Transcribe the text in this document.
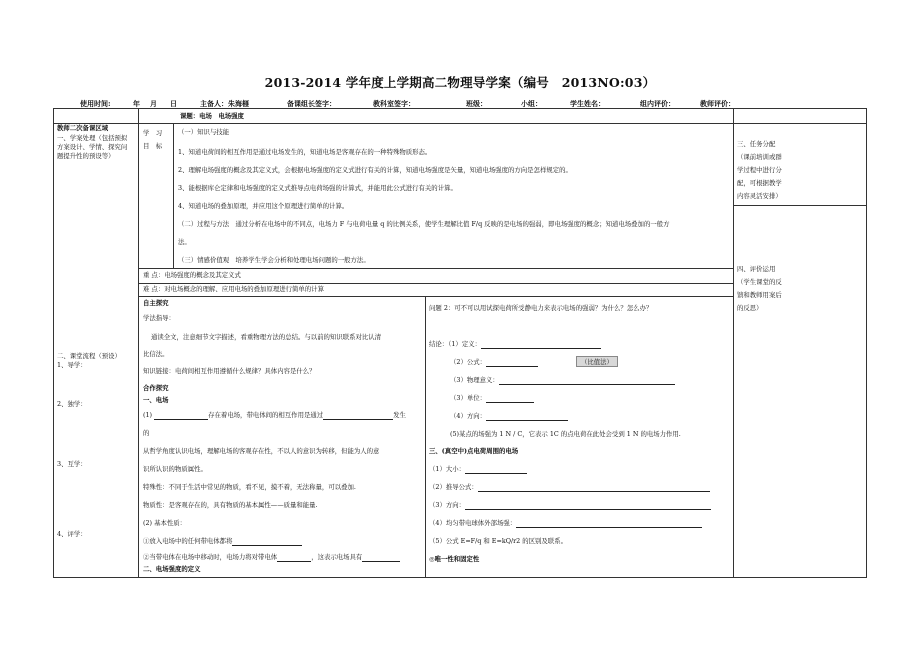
2013-2014 学年度上学期高二物理导学案（编号　2013NO:03）
使用时间:	年 月 日	主备人：朱海榧	备课组长签字：	教科室签字：	班级：	小组：	学生姓名：	组内评价：	教师评价：
教师二次备课区域
一、学案处理（包括预拟
方案设计、学情、探究问
题提升性的预设等）
二、课堂流程（预设）
1、导学：
2、独学：
3、互学：
4、评学：
三、任务分配
（课前培训或群
学过程中进行分
配，可根据教学
内容灵活安排）
四、评价运用
（学生课堂的反
馈和教师用案后
的反思）
课题：电场　电场强度
学　习
目　标
（一）知识与技能
1、知道电荷间的相互作用是通过电场发生的，知道电场是客观存在的一种特殊物质形态。
2、理解电场强度的概念及其定义式，会根据电场强度的定义式进行有关的计算，知道电场强度是矢量，知道电场强度的方向是怎样规定的。
3、能根据库仑定律和电场强度的定义式推导点电荷场强的计算式，并能用此公式进行有关的计算。
4、知道电场的叠加原理，并应用这个原理进行简单的计算。
（二）过程与方法　通过分析在电场中的不同点，电场力 F 与电荷电量 q 的比例关系，使学生理解比值 F/q 反映的是电场的强弱，即电场强度的概念；知道电场叠加的一般方
法。
（三）情感价值观　培养学生学会分析和处理电场问题的一般方法。
重 点：电场强度的概念及其定义式
难 点：对电场概念的理解、应用电场的叠加原理进行简单的计算
自主探究
学法指导：
通读全文，注意细节文字描述，看重物理方法的总结。与以前的知识联系对比认清
比信法。
知识链接：电荷间相互作用遵循什么规律？具体内容是什么？
合作探究
一、电场
(1)	存在着电场，带电体间的相互作用是通过	发生
的
从哲学角度认识电场，理解电场的客观存在性，不以人的意识为转移，但能为人的意
识所认识的物质属性。
特殊性：不同于生活中常见的物质，看不见，摸不着，无法称量，可以叠加.
物质性：是客观存在的，具有物质的基本属性——质量和能量.
(2) 基本性质：
①放入电场中的任何带电体都将
②当带电体在电场中移动时，电场力将对带电体	，这表示电场具有
二、电场强度的定义
问题 2：可不可以用试探电荷所受静电力来表示电场的强弱？为什么？怎么办？
结论：（1）定义：
（2）公式：	（比值法）
（3）物理意义：
（3）单位：
（4）方向：
(5)某点的场强为 1 N / C，它表示 1C 的点电荷在此处会受到 1 N 的电场力作用.
三、(真空中)点电荷周围的电场
（1）大小：
（2）推导公式：
（3）方向：
（4）均匀带电球体外部场强：
（5）公式 E=F/q 和 E=kQ/r2 的区别及联系。
◎唯一性和固定性
